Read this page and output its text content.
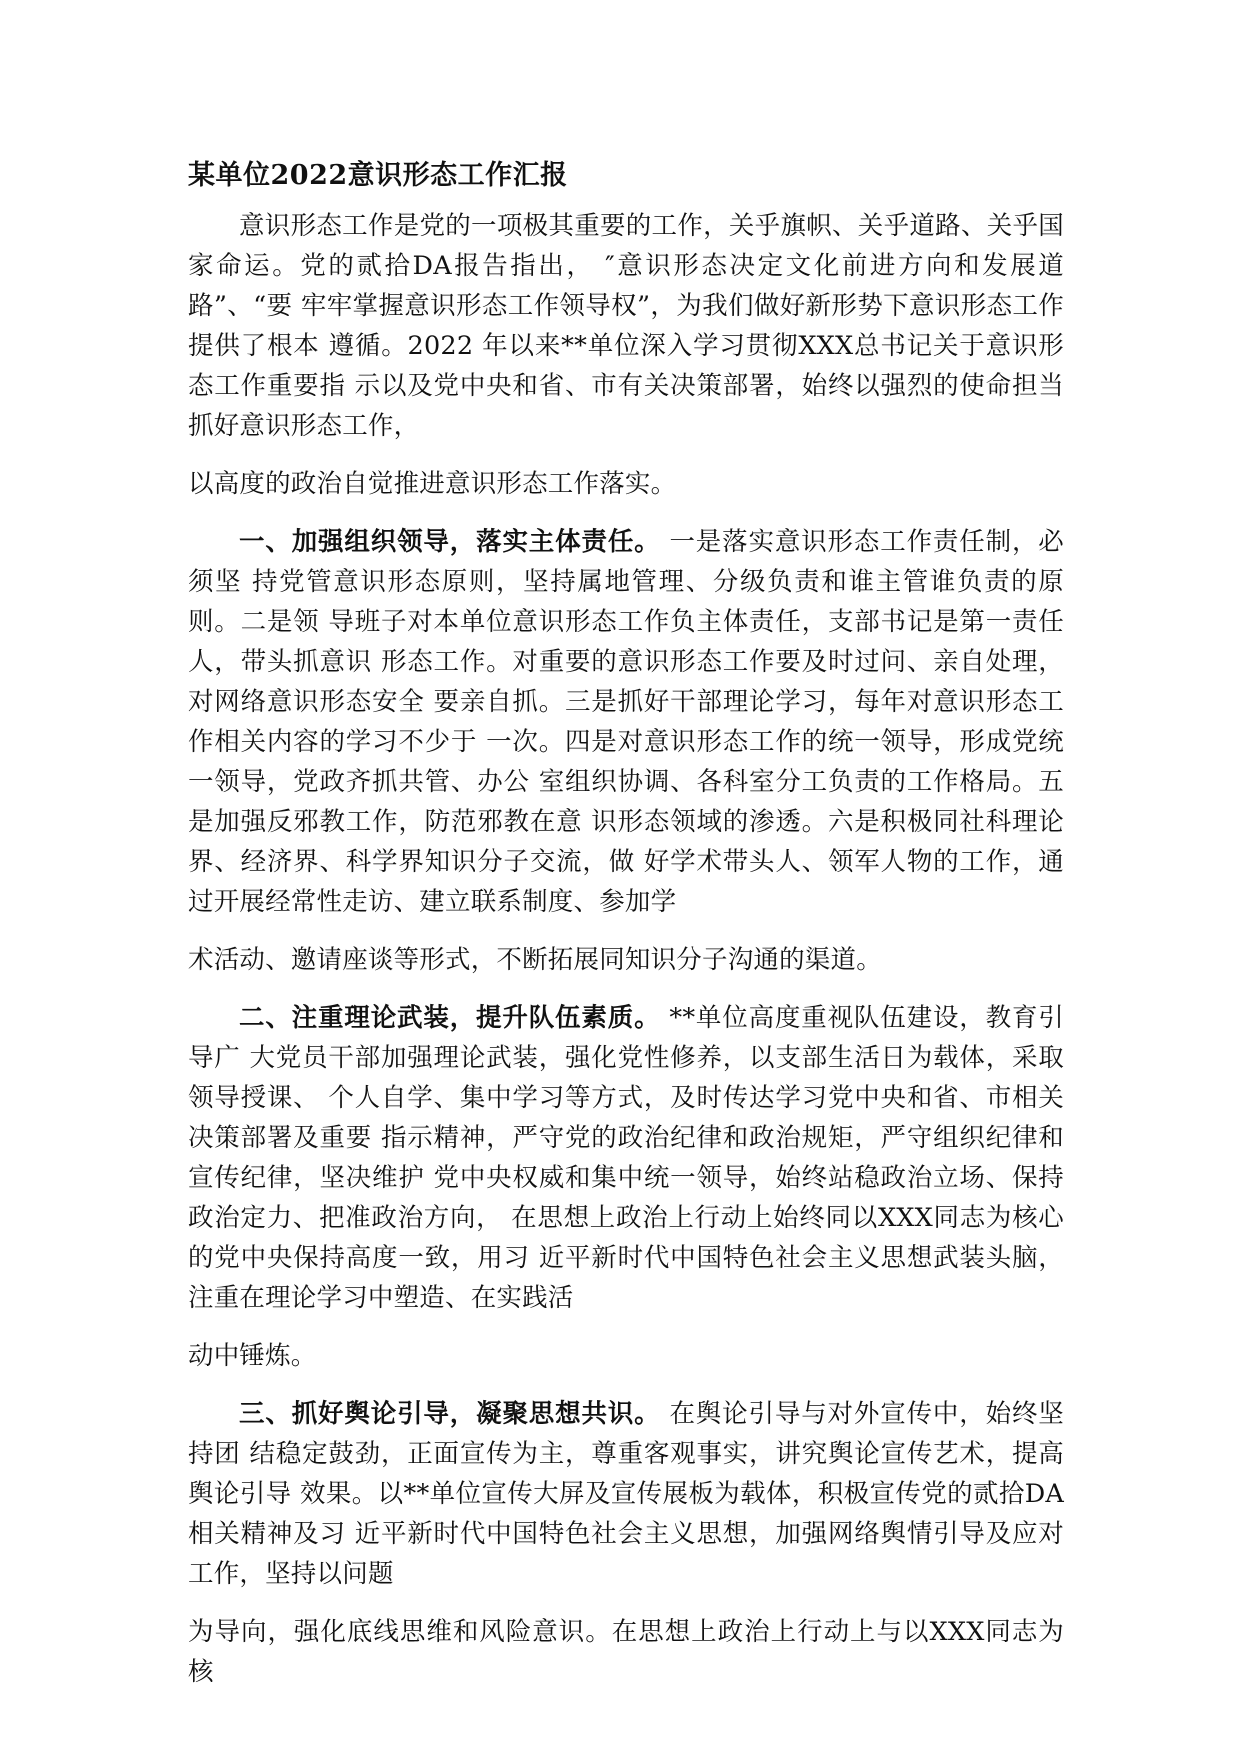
某单位2022意识形态工作汇报

意识形态工作是党的一项极其重要的工作，关乎旗帜、关乎道路、关乎国家命运。党的贰拾DA报告指出， ″意识形态决定文化前进方向和发展道路”、“要 牢牢掌握意识形态工作领导权”，为我们做好新形势下意识形态工作提供了根本 遵循。2022 年以来**单位深入学习贯彻XXX总书记关于意识形态工作重要指 示以及党中央和省、市有关决策部署，始终以强烈的使命担当抓好意识形态工作，

以高度的政治自觉推进意识形态工作落实。

一、加强组织领导，落实主体责任。 一是落实意识形态工作责任制，必须坚 持党管意识形态原则，坚持属地管理、分级负责和谁主管谁负责的原则。二是领 导班子对本单位意识形态工作负主体责任，支部书记是第一责任人，带头抓意识 形态工作。对重要的意识形态工作要及时过问、亲自处理，对网络意识形态安全 要亲自抓。三是抓好干部理论学习，每年对意识形态工作相关内容的学习不少于 一次。四是对意识形态工作的统一领导，形成党统一领导，党政齐抓共管、办公 室组织协调、各科室分工负责的工作格局。五是加强反邪教工作，防范邪教在意 识形态领域的渗透。六是积极同社科理论界、经济界、科学界知识分子交流，做 好学术带头人、领军人物的工作，通过开展经常性走访、建立联系制度、参加学

术活动、邀请座谈等形式，不断拓展同知识分子沟通的渠道。

二、注重理论武装，提升队伍素质。 **单位高度重视队伍建设，教育引导广 大党员干部加强理论武装，强化党性修养，以支部生活日为载体，采取领导授课、 个人自学、集中学习等方式，及时传达学习党中央和省、市相关决策部署及重要 指示精神，严守党的政治纪律和政治规矩，严守组织纪律和宣传纪律，坚决维护 党中央权威和集中统一领导，始终站稳政治立场、保持政治定力、把准政治方向， 在思想上政治上行动上始终同以XXX同志为核心的党中央保持高度一致，用习 近平新时代中国特色社会主义思想武装头脑，注重在理论学习中塑造、在实践活

动中锤炼。

三、抓好舆论引导，凝聚思想共识。 在舆论引导与对外宣传中，始终坚持团 结稳定鼓劲，正面宣传为主，尊重客观事实，讲究舆论宣传艺术，提高舆论引导 效果。以**单位宣传大屏及宣传展板为载体，积极宣传党的贰拾DA相关精神及习 近平新时代中国特色社会主义思想，加强网络舆情引导及应对工作，坚持以问题

为导向，强化底线思维和风险意识。在思想上政治上行动上与以XXX同志为核
